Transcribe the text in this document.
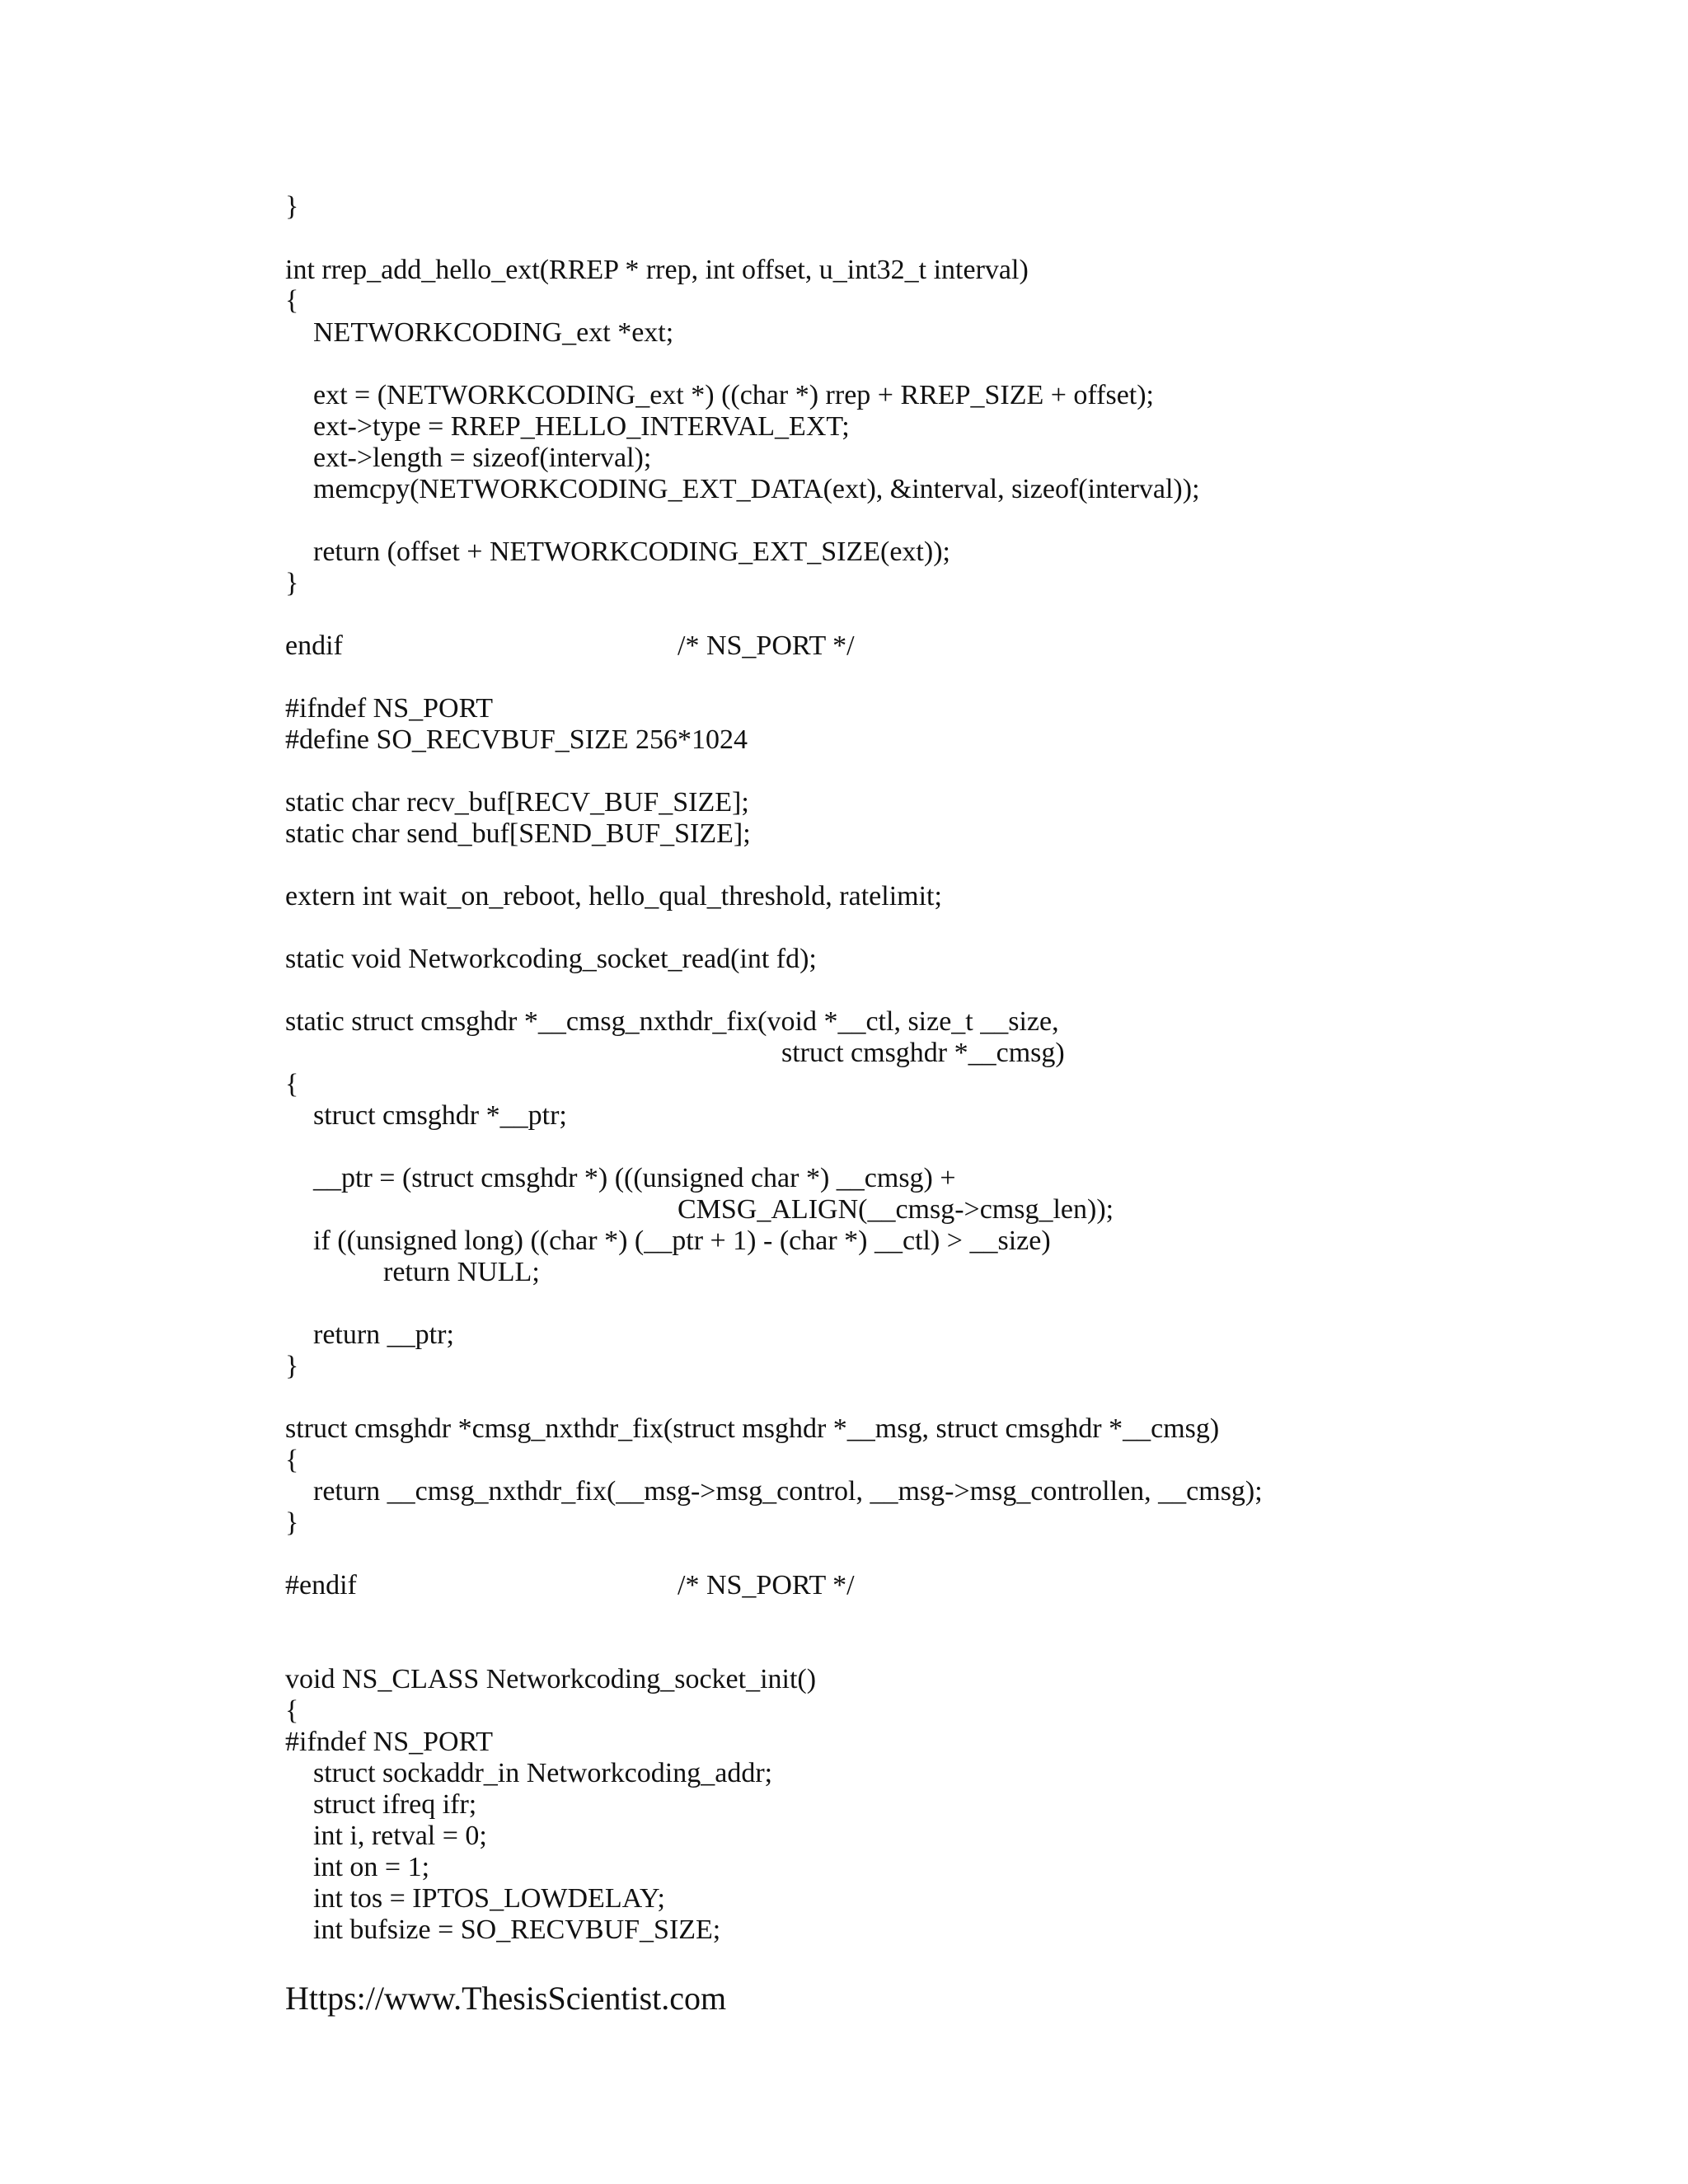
}
int rrep_add_hello_ext(RREP * rrep, int offset, u_int32_t interval)
{
NETWORKCODING_ext *ext;
ext = (NETWORKCODING_ext *) ((char *) rrep + RREP_SIZE + offset);
ext->type = RREP_HELLO_INTERVAL_EXT;
ext->length = sizeof(interval);
memcpy(NETWORKCODING_EXT_DATA(ext), &interval, sizeof(interval));
return (offset + NETWORKCODING_EXT_SIZE(ext));
}
endif	/* NS_PORT */
#ifndef NS_PORT
#define SO_RECVBUF_SIZE 256*1024
static char recv_buf[RECV_BUF_SIZE];
static char send_buf[SEND_BUF_SIZE];
extern int wait_on_reboot, hello_qual_threshold, ratelimit;
static void Networkcoding_socket_read(int fd);
static struct cmsghdr *__cmsg_nxthdr_fix(void *__ctl, size_t __size,
struct cmsghdr *__cmsg)
{
struct cmsghdr *__ptr;
__ptr = (struct cmsghdr *) (((unsigned char *) __cmsg) +
CMSG_ALIGN(__cmsg->cmsg_len));
if ((unsigned long) ((char *) (__ptr + 1) - (char *) __ctl) > __size)
return NULL;
return __ptr;
}
struct cmsghdr *cmsg_nxthdr_fix(struct msghdr *__msg, struct cmsghdr *__cmsg)
{
return __cmsg_nxthdr_fix(__msg->msg_control, __msg->msg_controllen, __cmsg);
}
#endif	/* NS_PORT */
void NS_CLASS Networkcoding_socket_init()
{
#ifndef NS_PORT
struct sockaddr_in Networkcoding_addr;
struct ifreq ifr;
int i, retval = 0;
int on = 1;
int tos = IPTOS_LOWDELAY;
int bufsize = SO_RECVBUF_SIZE;
Https://www.ThesisScientist.com
